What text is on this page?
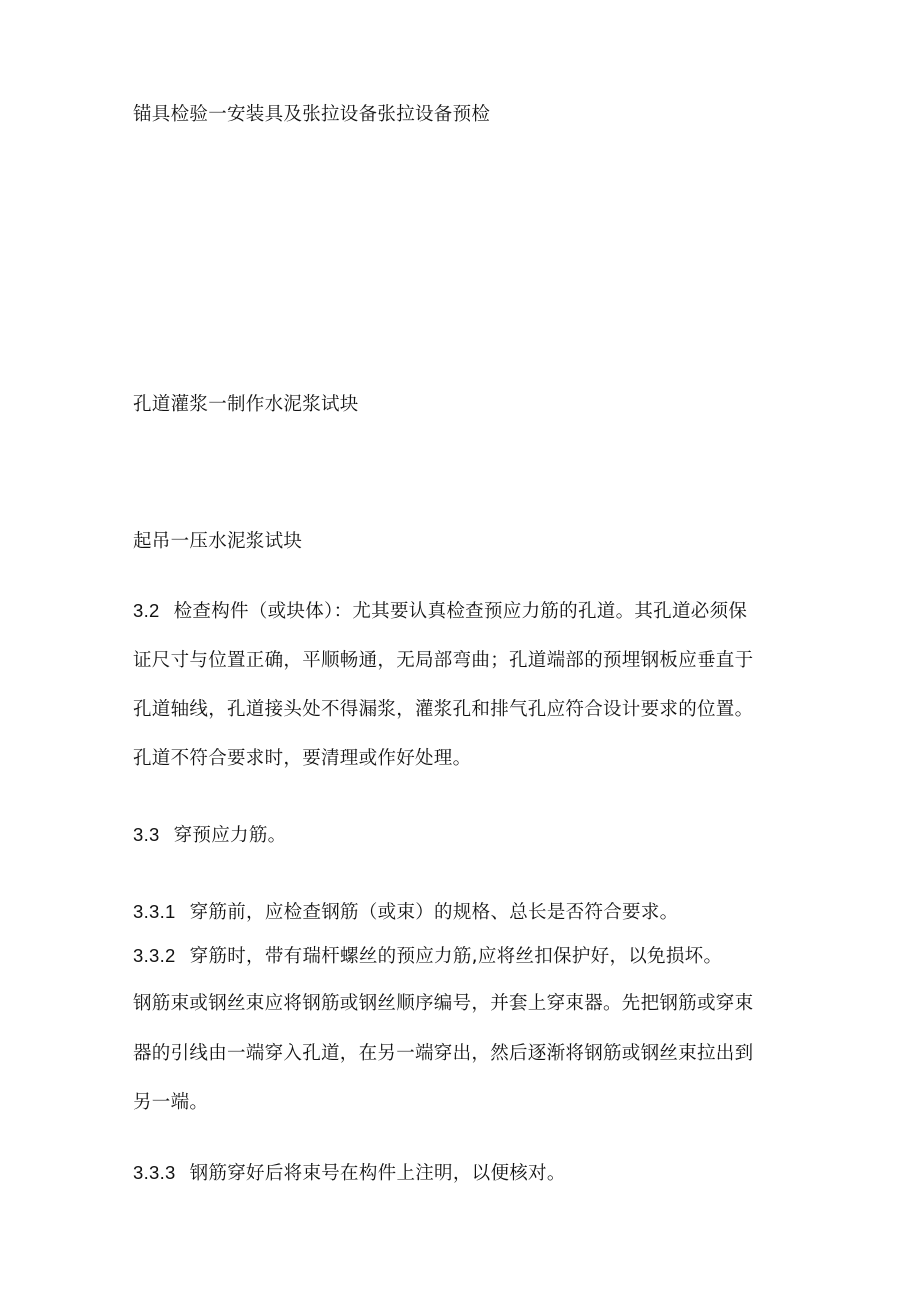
锚具检验一安装具及张拉设备张拉设备预检
孔道灌浆一制作水泥浆试块
起吊一压水泥浆试块
3.2 检查构件（或块体）：尤其要认真检查预应力筋的孔道。其孔道必须保
证尺寸与位置正确，平顺畅通，无局部弯曲；孔道端部的预埋钢板应垂直于
孔道轴线，孔道接头处不得漏浆，灌浆孔和排气孔应符合设计要求的位置。
孔道不符合要求时，要清理或作好处理。
3.3 穿预应力筋。
3.3.1 穿筋前，应检查钢筋（或束）的规格、总长是否符合要求。
3.3.2 穿筋时，带有瑞杆螺丝的预应力筋,应将丝扣保护好，以免损坏。
钢筋束或钢丝束应将钢筋或钢丝顺序编号，并套上穿束器。先把钢筋或穿束
器的引线由一端穿入孔道，在另一端穿出，然后逐渐将钢筋或钢丝束拉出到
另一端。
3.3.3 钢筋穿好后将束号在构件上注明，以便核对。
